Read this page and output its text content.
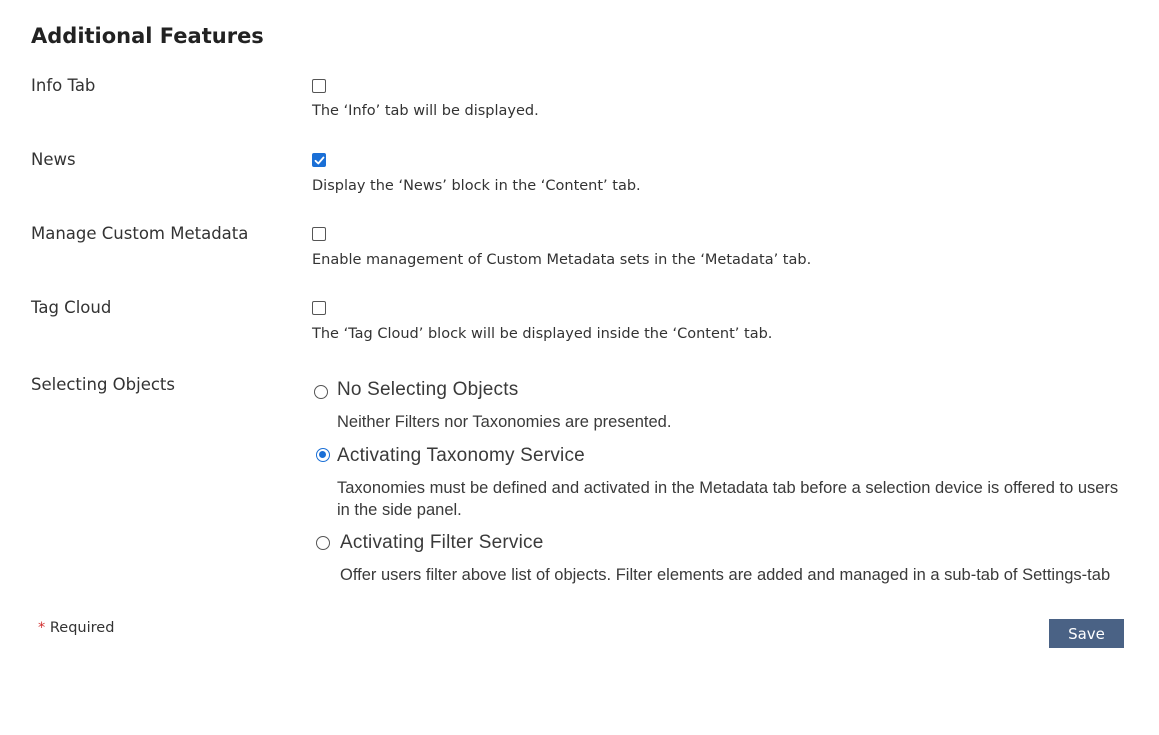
Additional Features
Info Tab
The ‘Info’ tab will be displayed.
News
Display the ‘News’ block in the ‘Content’ tab.
Manage Custom Metadata
Enable management of Custom Metadata sets in the ‘Metadata’ tab.
Tag Cloud
The ‘Tag Cloud’ block will be displayed inside the ‘Content’ tab.
Selecting Objects	No Selecting Objects
Neither Filters nor Taxonomies are presented.
Activating Taxonomy Service
Taxonomies must be defined and activated in the Metadata tab before a selection device is offered to users in the side panel.
Activating Filter Service
Offer users filter above list of objects. Filter elements are added and managed in a sub-tab of Settings-tab
* Required	Save
